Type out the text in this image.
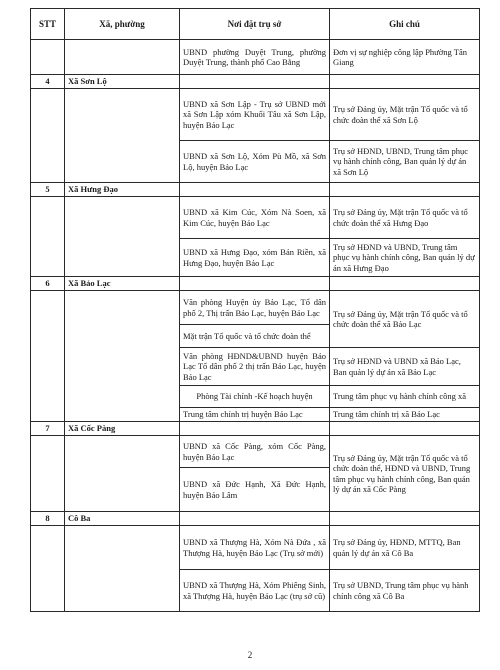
STT	Xã, phường	Nơi đặt trụ sở	Ghi chú
		UBND phường Duyệt Trung, phường Duyệt Trung, thành phố Cao Bằng	Đơn vị sự nghiệp công lập Phường Tân Giang
4	Xã Sơn Lộ		
		UBND xã Sơn Lập - Trụ sở UBND mới xã Sơn Lập xóm Khuổi Tâu xã Sơn Lập, huyện Bảo Lạc	Trụ sở Đảng ủy, Mặt trận Tổ quốc và tổ chức đoàn thể xã Sơn Lộ
		UBND xã Sơn Lộ, Xóm Pù Mồ, xã Sơn Lộ, huyện Bảo Lạc	Trụ sở HĐND, UBND, Trung tâm phục vụ hành chính công, Ban quản lý dự án xã Sơn Lộ
5	Xã Hưng Đạo		
		UBND xã Kim Cúc, Xóm Nà Soen, xã Kim Cúc, huyện Bảo Lạc	Trụ sở Đảng ủy, Mặt trận Tổ quốc và tổ chức đoàn thể xã Hưng Đạo
		UBND xã Hưng Đạo, xóm Bản Riền, xã Hưng Đạo, huyện Bảo Lạc	Trụ sở HĐND và UBND, Trung tâm phục vụ hành chính công, Ban quản lý dự án xã Hưng Đạo
6	Xã Bảo Lạc		
		Văn phòng Huyện ủy Bảo Lạc, Tổ dân phố 2, Thị trấn Bảo Lạc, huyện Bảo Lạc	Trụ sở Đảng ủy, Mặt trận Tổ quốc và tổ chức đoàn thể xã Bảo Lạc
		Mặt trận Tổ quốc và tổ chức đoàn thể	
		Văn phòng HĐND&UBND huyện Bảo Lạc Tổ dân phố 2 thị trấn Bảo Lạc, huyện Bảo Lạc	Trụ sở HĐND và UBND xã Bảo Lạc, Ban quản lý dự án xã Bảo Lạc
		Phòng Tài chính -Kế hoạch huyện	Trung tâm phục vụ hành chính công xã
		Trung tâm chính trị huyện Bảo Lạc	Trung tâm chính trị xã Bảo Lạc
7	Xã Cốc Pàng		
		UBND xã Cốc Pàng, xóm Cốc Pàng, huyện Bảo Lạc	Trụ sở Đảng ủy, Mặt trận Tổ quốc và tổ chức đoàn thể, HĐND và UBND, Trung tâm phục vụ hành chính công, Ban quản lý dự án xã Cốc Pàng
		UBND xã Đức Hạnh, Xã Đức Hạnh, huyện Bảo Lâm	
8	Cô Ba		
		UBND xã Thượng Hà, Xóm Nà Đứa , xã Thượng Hà, huyện Bảo Lạc (Trụ sở mới)	Trụ sở Đảng ủy, HĐND, MTTQ, Ban quản lý dự án xã Cô Ba
		UBND xã Thượng Hà, Xóm Phiêng Sinh, xã Thượng Hà, huyện Bảo Lạc (trụ sở cũ)	Trụ sở UBND, Trung tâm phục vụ hành chính công xã Cô Ba
2
